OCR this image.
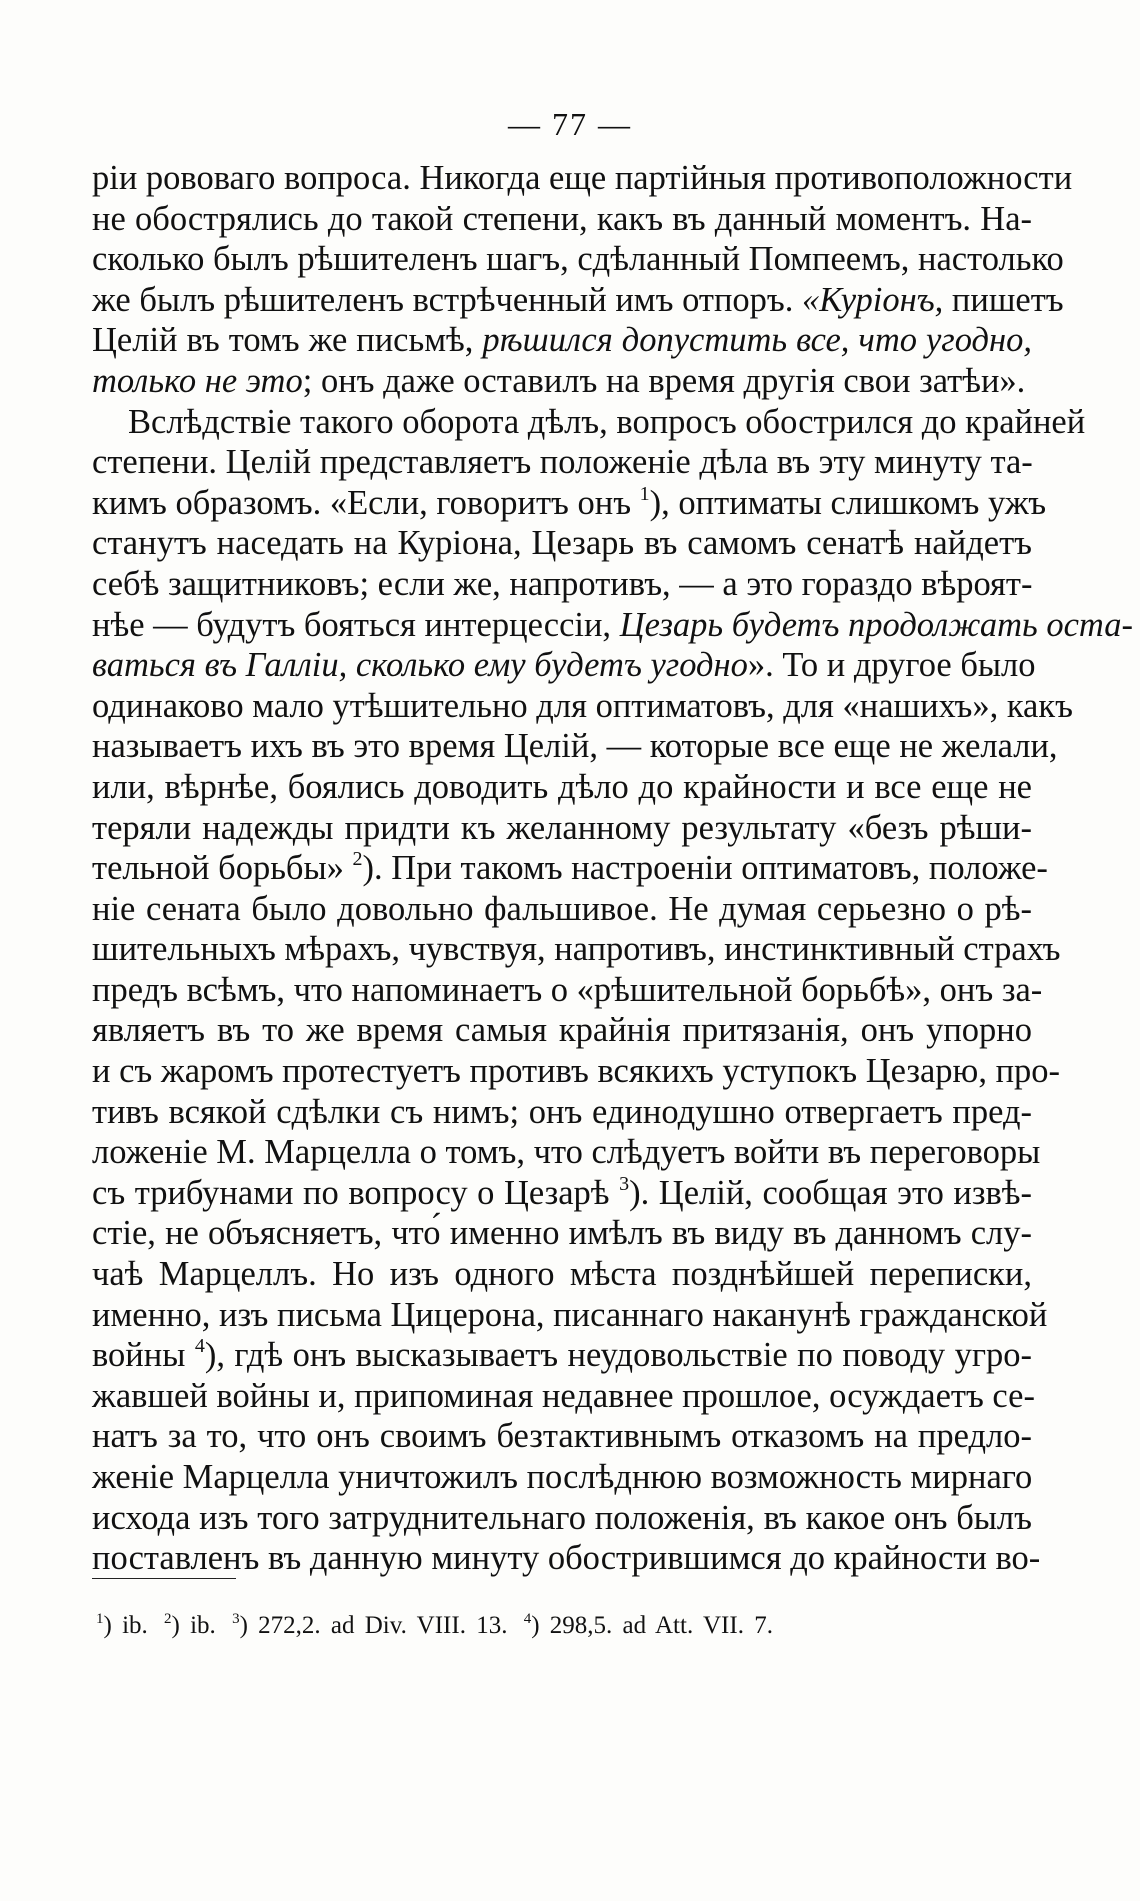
— 77 —
ріи рововаго вопроса. Никогда еще партійныя противоположности
не обострялись до такой степени, какъ въ данный моментъ. На-
сколько былъ рѣшителенъ шагъ, сдѣланный Помпеемъ, настолько
же былъ рѣшителенъ встрѣченный имъ отпоръ. «Куріонъ, пишетъ
Целій въ томъ же письмѣ, рѣшился допустить все, что угодно,
только не это; онъ даже оставилъ на время другія свои затѣи».
Вслѣдствіе такого оборота дѣлъ, вопросъ обострился до крайней
степени. Целій представляетъ положеніе дѣла въ эту минуту та-
кимъ образомъ. «Если, говоритъ онъ $^1$), оптиматы слишкомъ ужъ
станутъ наседать на Куріона, Цезарь въ самомъ сенатѣ найдетъ
себѣ защитниковъ; если же, напротивъ, — а это гораздо вѣроят-
нѣе — будутъ бояться интерцессіи, Цезарь будетъ продолжать оста-
ваться въ Галліи, сколько ему будетъ угодно». То и другое было
одинаково мало утѣшительно для оптиматовъ, для «нашихъ», какъ
называетъ ихъ въ это время Целій, — которые все еще не желали,
или, вѣрнѣе, боялись доводить дѣло до крайности и все еще не
теряли надежды придти къ желанному результату «безъ рѣши-
тельной борьбы» $^2$). При такомъ настроеніи оптиматовъ, положе-
ніе сената было довольно фальшивое. Не думая серьезно о рѣ-
шительныхъ мѣрахъ, чувствуя, напротивъ, инстинктивный страхъ
предъ всѣмъ, что напоминаетъ о «рѣшительной борьбѣ», онъ за-
являетъ въ то же время самыя крайнія притязанія, онъ упорно
и съ жаромъ протестуетъ противъ всякихъ уступокъ Цезарю, про-
тивъ всякой сдѣлки съ нимъ; онъ единодушно отвергаетъ пред-
ложеніе М. Марцелла о томъ, что слѣдуетъ войти въ переговоры
съ трибунами по вопросу о Цезарѣ $^3$). Целій, сообщая это извѣ-
стіе, не объясняетъ, что́ именно имѣлъ въ виду въ данномъ слу-
чаѣ Марцеллъ. Но изъ одного мѣста позднѣйшей переписки,
именно, изъ письма Цицерона, писаннаго наканунѣ гражданской
войны $^4$), гдѣ онъ высказываетъ неудовольствіе по поводу угро-
жавшей войны и, припоминая недавнее прошлое, осуждаетъ се-
натъ за то, что онъ своимъ безтактивнымъ отказомъ на предло-
женіе Марцелла уничтожилъ послѣднюю возможность мирнаго
исхода изъ того затруднительнаго положенія, въ какое онъ былъ
поставленъ въ данную минуту обострившимся до крайности во-
$^1$) ib. $^2$) ib. $^3$) 272,2. ad Div. VIII. 13. $^4$) 298,5. ad Att. VII. 7.
